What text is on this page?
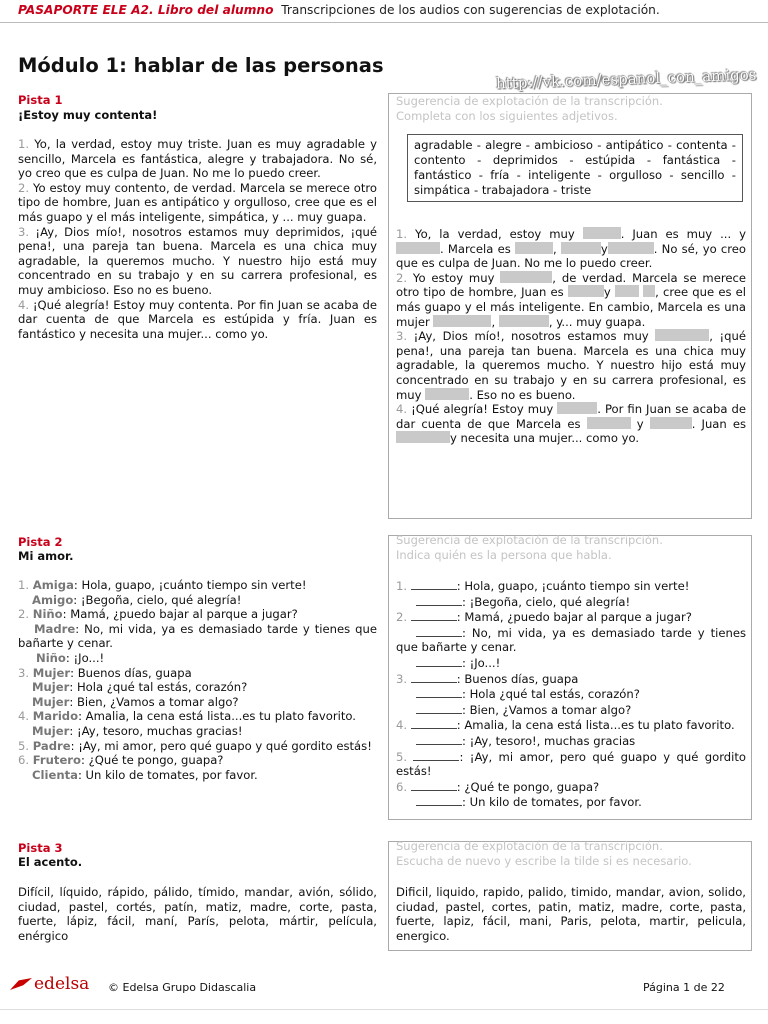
PASAPORTE ELE A2. Libro del alumno Transcripciones de los audios con sugerencias de explotación.
Módulo 1: hablar de las personas	http://vk.com/espanol_con_amigos
Pista 1
¡Estoy muy contenta!

1. Yo, la verdad, estoy muy triste. Juan es muy agradable y sencillo, Marcela es fantástica, alegre y trabajadora. No sé, yo creo que es culpa de Juan. No me lo puedo creer.

2. Yo estoy muy contento, de verdad. Marcela se merece otro tipo de hombre, Juan es antipático y orgulloso, cree que es el más guapo y el más inteligente, simpática, y ... muy guapa.

3. ¡Ay, Dios mío!, nosotros estamos muy deprimidos, ¡qué pena!, una pareja tan buena. Marcela es una chica muy agradable, la queremos mucho. Y nuestro hijo está muy concentrado en su trabajo y en su carrera profesional, es muy ambicioso. Eso no es bueno.

4. ¡Qué alegría! Estoy muy contenta. Por fin Juan se acaba de dar cuenta de que Marcela es estúpida y fría. Juan es fantástico y necesita una mujer... como yo.

Sugerencia de explotación de la transcripción.
Completa con los siguientes adjetivos.
agradable - alegre - ambicioso - antipático - contenta - contento - deprimidos - estúpida - fantástica - fantástico - fría - inteligente - orgulloso - sencillo - simpática - trabajadora - triste

1. Yo, la verdad, estoy muy	. Juan es muy ... y . Marcela es	,	y	. No sé, yo creo que es culpa de Juan. No me lo puedo creer.

2. Yo estoy muy	, de verdad. Marcela se merece otro tipo de hombre, Juan es	y	, cree que es el más guapo y el más inteligente. En cambio, Marcela es una mujer	,	, y... muy guapa.

3. ¡Ay, Dios mío!, nosotros estamos muy	, ¡qué pena!, una pareja tan buena. Marcela es una chica muy agradable, la queremos mucho. Y nuestro hijo está muy concentrado en su trabajo y en su carrera profesional, es muy	. Eso no es bueno.

4. ¡Qué alegría! Estoy muy	. Por fin Juan se acaba de dar cuenta de que Marcela es	y	. Juan es y necesita una mujer... como yo.

Pista 2
Mi amor.

1. Amiga: Hola, guapo, ¡cuánto tiempo sin verte!

Amigo: ¡Begoña, cielo, qué alegría!

2. Niño: Mamá, ¿puedo bajar al parque a jugar?

Madre: No, mi vida, ya es demasiado tarde y tienes que bañarte y cenar.

Niño: ¡Jo...!

3. Mujer: Buenos días, guapa

Mujer: Hola ¿qué tal estás, corazón?

Mujer: Bien, ¿Vamos a tomar algo?

4. Marido: Amalia, la cena está lista...es tu plato favorito.

Mujer: ¡Ay, tesoro, muchas gracias!

5. Padre: ¡Ay, mi amor, pero qué guapo y qué gordito estás!

6. Frutero: ¿Qué te pongo, guapa?

Clienta: Un kilo de tomates, por favor.

Sugerencia de explotación de la transcripción.
Indica quién es la persona que habla.

1.	: Hola, guapo, ¡cuánto tiempo sin verte!

: ¡Begoña, cielo, qué alegría!

2.	: Mamá, ¿puedo bajar al parque a jugar?

: No, mi vida, ya es demasiado tarde y tienes que bañarte y cenar.

: ¡Jo...!

3.	: Buenos días, guapa

: Hola ¿qué tal estás, corazón?

: Bien, ¿Vamos a tomar algo?

4.	: Amalia, la cena está lista...es tu plato favorito.

: ¡Ay, tesoro!, muchas gracias

5.	: ¡Ay, mi amor, pero qué guapo y qué gordito estás!

6.	: ¿Qué te pongo, guapa?

: Un kilo de tomates, por favor.

Pista 3
El acento.
Difícil, líquido, rápido, pálido, tímido, mandar, avión, sólido, ciudad, pastel, cortés, patín, matiz, madre, corte, pasta, fuerte, lápiz, fácil, maní, París, pelota, mártir, película, enérgico
Sugerencia de explotación de la transcripción.
Escucha de nuevo y escribe la tilde si es necesario.
Dificil, liquido, rapido, palido, timido, mandar, avion, solido, ciudad, pastel, cortes, patin, matiz, madre, corte, pasta, fuerte, lapiz, fácil, mani, Paris, pelota, martir, pelicula, energico.
edelsa © Edelsa Grupo Didascalia	Página 1 de 22
